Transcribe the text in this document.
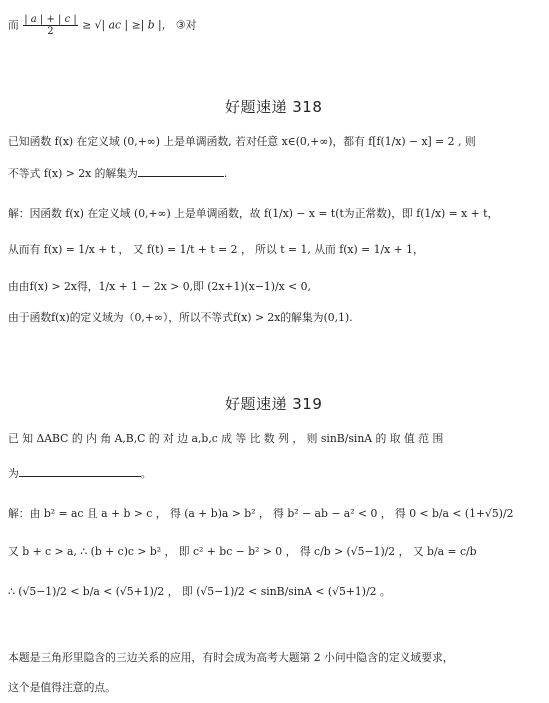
而 $\frac{| a | + | c |}{2}$ ≥ √| ac | ≥| b |， ③对
好题速递 318
已知函数 f(x) 在定义域 (0,+∞) 上是单调函数, 若对任意 x∈(0,+∞)，都有 f[f(1/x) − x] = 2 , 则
不等式 f(x) > 2x 的解集为	.
解：因函数 f(x) 在定义域 (0,+∞) 上是单调函数，故 f(1/x) − x = t(t为正常数)，即 f(1/x) = x + t，
从而有 f(x) = 1/x + t ， 又 f(t) = 1/t + t = 2 ， 所以 t = 1, 从而 f(x) = 1/x + 1，
由由f(x) > 2x得，1/x + 1 − 2x > 0,即 (2x+1)(x−1)/x < 0,
由于函数f(x)的定义域为（0,+∞），所以不等式f(x) > 2x的解集为(0,1).
好题速递 319
已 知 ΔABC 的 内 角 A,B,C 的 对 边 a,b,c 成 等 比 数 列 ， 则 sinB/sinA 的 取 值 范 围
为	。
解：由 b² = ac 且 a + b > c ， 得 (a + b)a > b² ， 得 b² − ab − a² < 0 ， 得 0 < b/a < (1+√5)/2
又 b + c > a, ∴ (b + c)c > b² ， 即 c² + bc − b² > 0 ， 得 c/b > (√5−1)/2 ， 又 b/a = c/b
∴ (√5−1)/2 < b/a < (√5+1)/2 ， 即 (√5−1)/2 < sinB/sinA < (√5+1)/2 。
本题是三角形里隐含的三边关系的应用，有时会成为高考大题第 2 小问中隐含的定义域要求，
这个是值得注意的点。
